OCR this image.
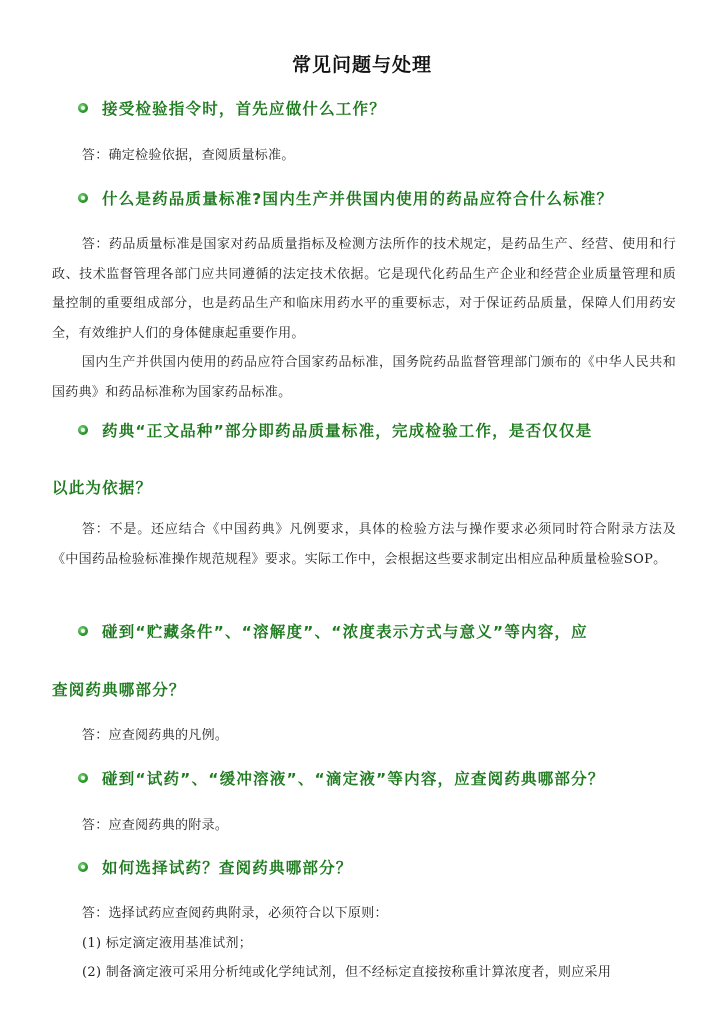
常见问题与处理
接受检验指令时，首先应做什么工作？

答：确定检验依据，查阅质量标准。

什么是药品质量标准?国内生产并供国内使用的药品应符合什么标准？

答：药品质量标准是国家对药品质量指标及检测方法所作的技术规定，是药品生产、经营、使用和行政、技术监督管理各部门应共同遵循的法定技术依据。它是现代化药品生产企业和经营企业质量管理和质量控制的重要组成部分，也是药品生产和临床用药水平的重要标志，对于保证药品质量，保障人们用药安全，有效维护人们的身体健康起重要作用。

国内生产并供国内使用的药品应符合国家药品标准，国务院药品监督管理部门颁布的《中华人民共和国药典》和药品标准称为国家药品标准。

药典“正文品种”部分即药品质量标准，完成检验工作，是否仅仅是
以此为依据？

答：不是。还应结合《中国药典》凡例要求，具体的检验方法与操作要求必须同时符合附录方法及《中国药品检验标准操作规范规程》要求。实际工作中，会根据这些要求制定出相应品种质量检验SOP。

碰到“贮藏条件”、“溶解度”、“浓度表示方式与意义”等内容，应
查阅药典哪部分？

答：应查阅药典的凡例。

碰到“试药”、“缓冲溶液”、“滴定液”等内容，应查阅药典哪部分？

答：应查阅药典的附录。

如何选择试药？查阅药典哪部分？

答：选择试药应查阅药典附录，必须符合以下原则：

(1) 标定滴定液用基准试剂；

(2) 制备滴定液可采用分析纯或化学纯试剂，但不经标定直接按称重计算浓度者，则应采用
